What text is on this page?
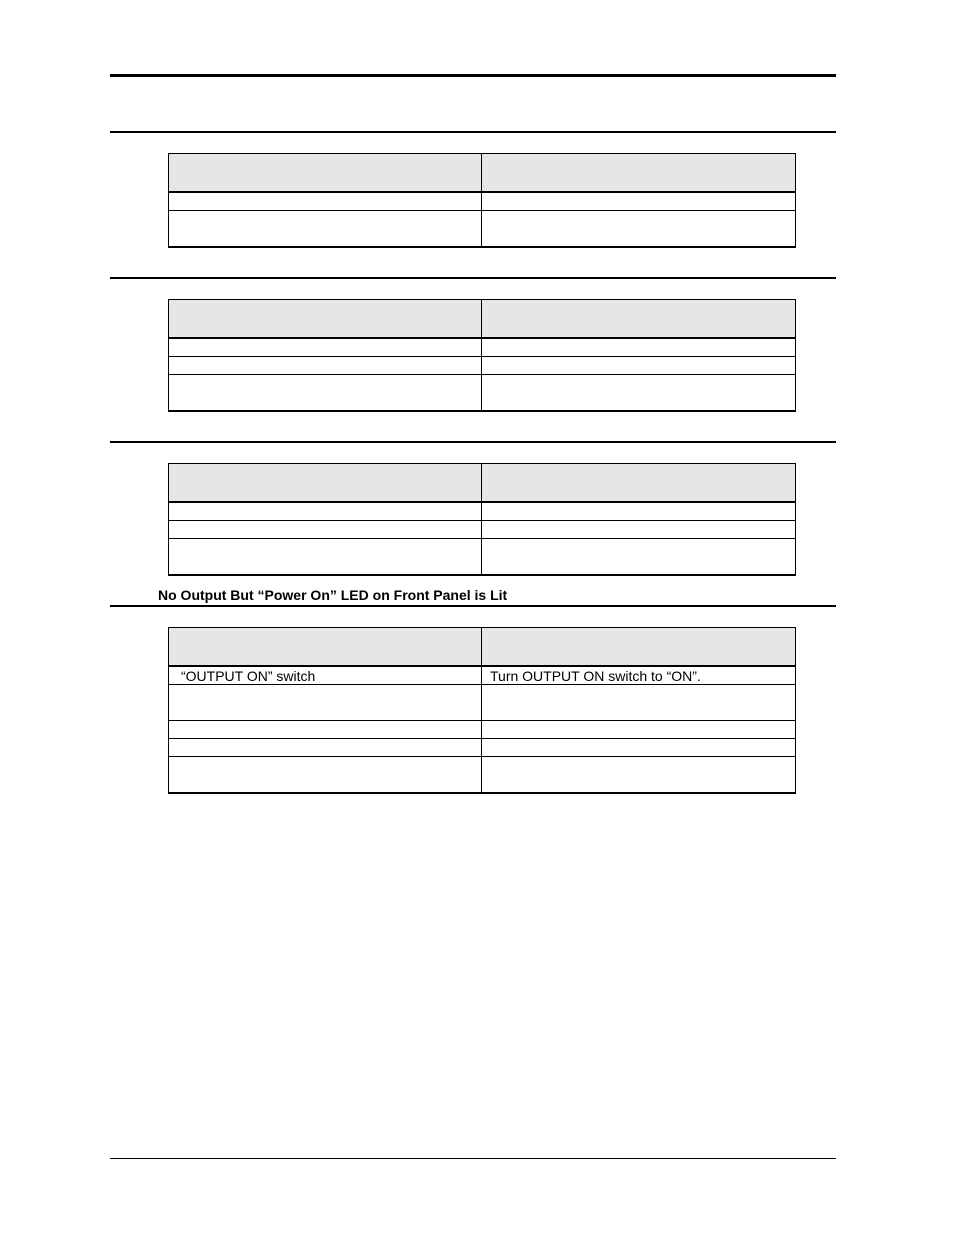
No Output But “Power On” LED on Front Panel is Lit

“OUTPUT ON” switch	Turn OUTPUT ON switch to “ON”.
